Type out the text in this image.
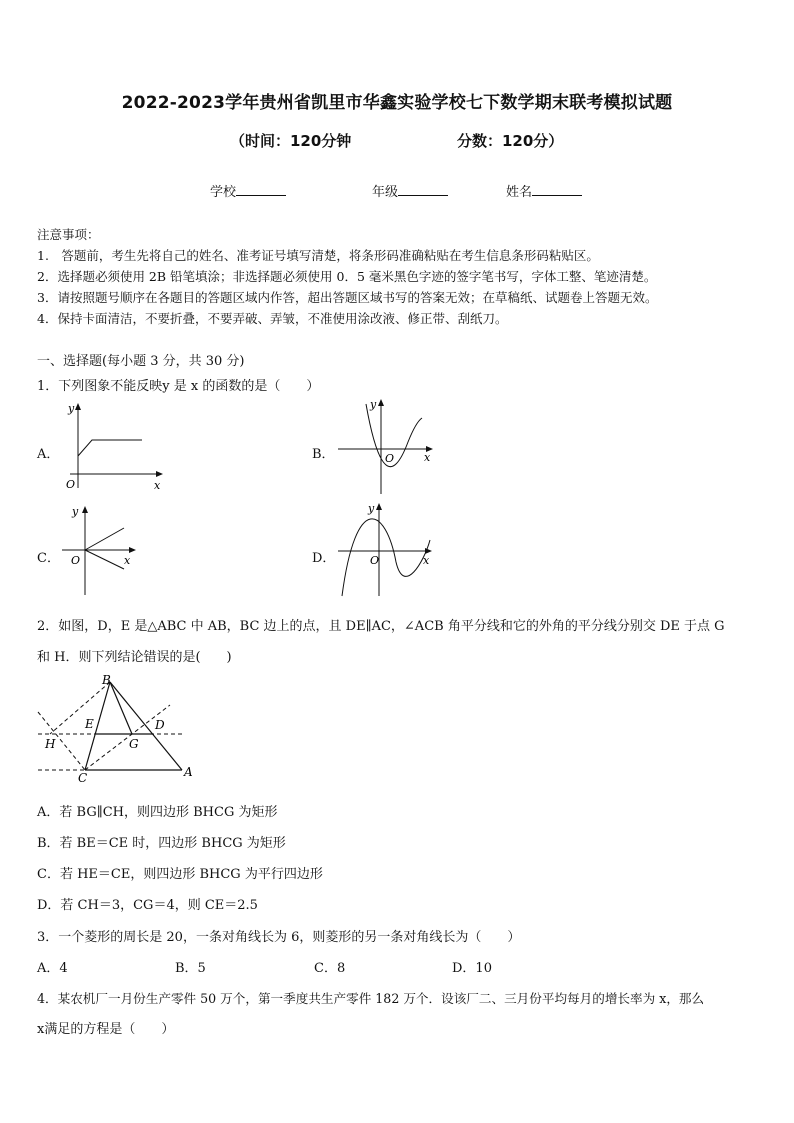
2022-2023学年贵州省凯里市华鑫实验学校七下数学期末联考模拟试题
（时间：120分钟	分数：120分）
学校	年级	姓名
注意事项：
1.　答题前，考生先将自己的姓名、准考证号填写清楚，将条形码准确粘贴在考生信息条形码粘贴区。
2．选择题必须使用 2B 铅笔填涂；非选择题必须使用 0．5 毫米黑色字迹的签字笔书写，字体工整、笔迹清楚。
3．请按照题号顺序在各题目的答题区域内作答，超出答题区域书写的答案无效；在草稿纸、试题卷上答题无效。
4．保持卡面清洁，不要折叠，不要弄破、弄皱，不准使用涂改液、修正带、刮纸刀。
一、选择题(每小题 3 分，共 30 分)
1．下列图象不能反映y 是 x 的函数的是（　　）
A．
y
x
O
B．
y
x
O
C．
y
x
O	D．
y
x
O
2．如图，D，E 是△ABC 中 AB，BC 边上的点，且 DE∥AC，∠ACB 角平分线和它的外角的平分线分别交 DE 于点 G
和 H．则下列结论错误的是(　　)
B
E	D
H	G
C	A
A．若 BG∥CH，则四边形 BHCG 为矩形
B．若 BE＝CE 时，四边形 BHCG 为矩形
C．若 HE＝CE，则四边形 BHCG 为平行四边形
D．若 CH＝3，CG＝4，则 CE＝2.5
3．一个菱形的周长是 20，一条对角线长为 6，则菱形的另一条对角线长为（　　）
A．4	B．5	C．8	D．10
4．某农机厂一月份生产零件 50 万个，第一季度共生产零件 182 万个．设该厂二、三月份平均每月的增长率为 x，那么
x满足的方程是（　　）
